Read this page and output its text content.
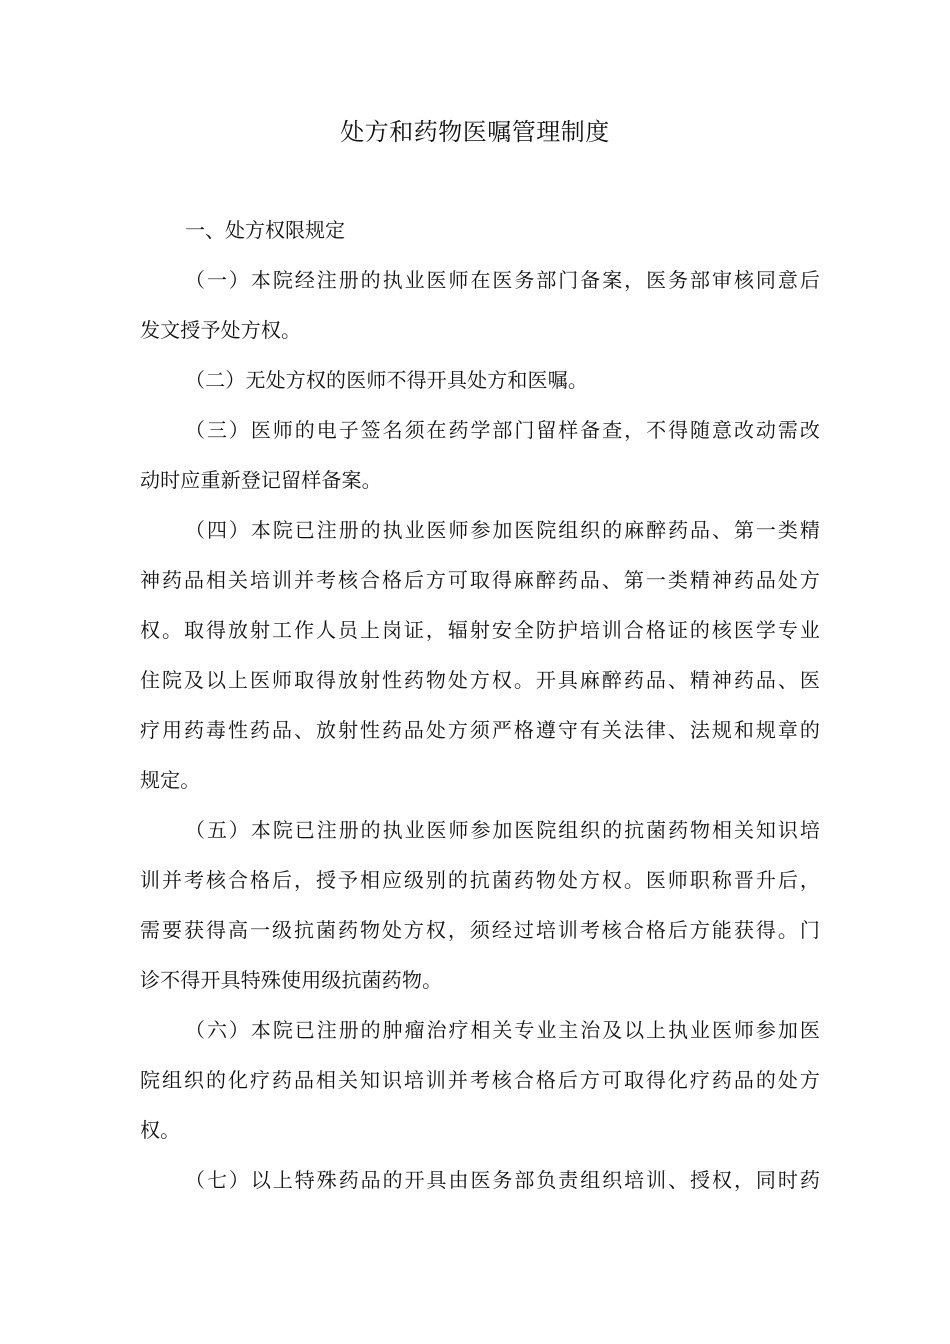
处方和药物医嘱管理制度
一、处方权限规定

（一）本院经注册的执业医师在医务部门备案，医务部审核同意后
发文授予处方权。

（二）无处方权的医师不得开具处方和医嘱。

（三）医师的电子签名须在药学部门留样备查，不得随意改动需改
动时应重新登记留样备案。

（四）本院已注册的执业医师参加医院组织的麻醉药品、第一类精
神药品相关培训并考核合格后方可取得麻醉药品、第一类精神药品处方
权。取得放射工作人员上岗证，辐射安全防护培训合格证的核医学专业
住院及以上医师取得放射性药物处方权。开具麻醉药品、精神药品、医
疗用药毒性药品、放射性药品处方须严格遵守有关法律、法规和规章的
规定。

（五）本院已注册的执业医师参加医院组织的抗菌药物相关知识培
训并考核合格后，授予相应级别的抗菌药物处方权。医师职称晋升后，
需要获得高一级抗菌药物处方权，须经过培训考核合格后方能获得。门
诊不得开具特殊使用级抗菌药物。

（六）本院已注册的肿瘤治疗相关专业主治及以上执业医师参加医
院组织的化疗药品相关知识培训并考核合格后方可取得化疗药品的处方
权。

（七）以上特殊药品的开具由医务部负责组织培训、授权，同时药
